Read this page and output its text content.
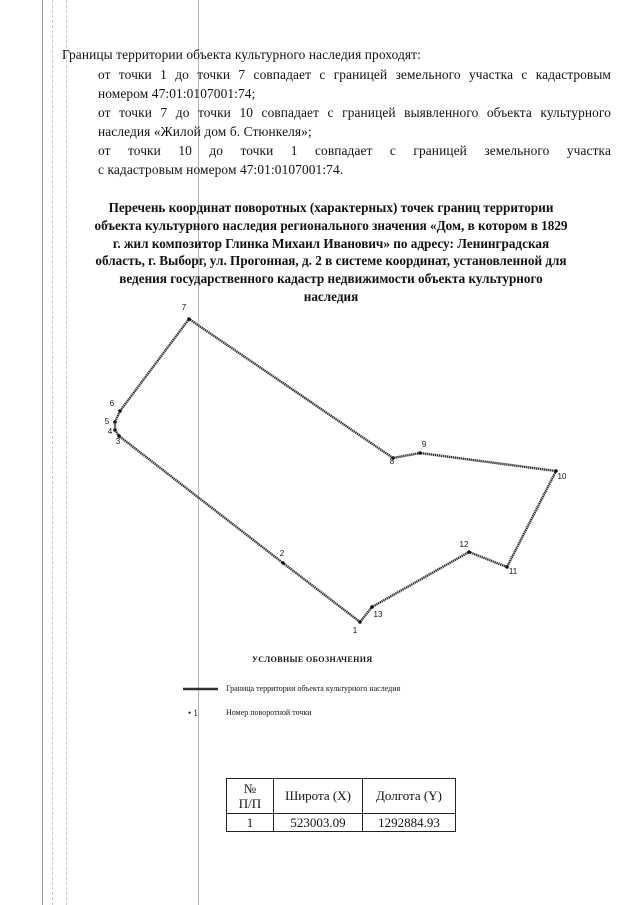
Границы территории объекта культурного наследия проходят:
от точки 1 до точки 7 совпадает с границей земельного участка с кадастровым
номером 47:01:0107001:74;
от точки 7 до точки 10 совпадает с границей выявленного объекта культурного
наследия «Жилой дом б. Стюнкеля»;
от точки 10 до точки 1 совпадает с границей земельного участка
с кадастровым номером 47:01:0107001:74.
Перечень координат поворотных (характерных) точек границ территории
объекта культурного наследия регионального значения «Дом, в котором в 1829
г. жил композитор Глинка Михаил Иванович» по адресу: Ленинградская
область, г. Выборг, ул. Прогонная, д. 2 в системе координат, установленной для
ведения государственного кадастр недвижимости объекта культурного
наследия
1
2
3
4
5
6
7
8
9
10
11
12
13
УСЛОВНЫЕ ОБОЗНАЧЕНИЯ
Граница территории объекта культурного наследия
• 1	Номер поворотной точки
№
П/П	Широта (X)	Долгота (Y)
1	523003.09	1292884.93
